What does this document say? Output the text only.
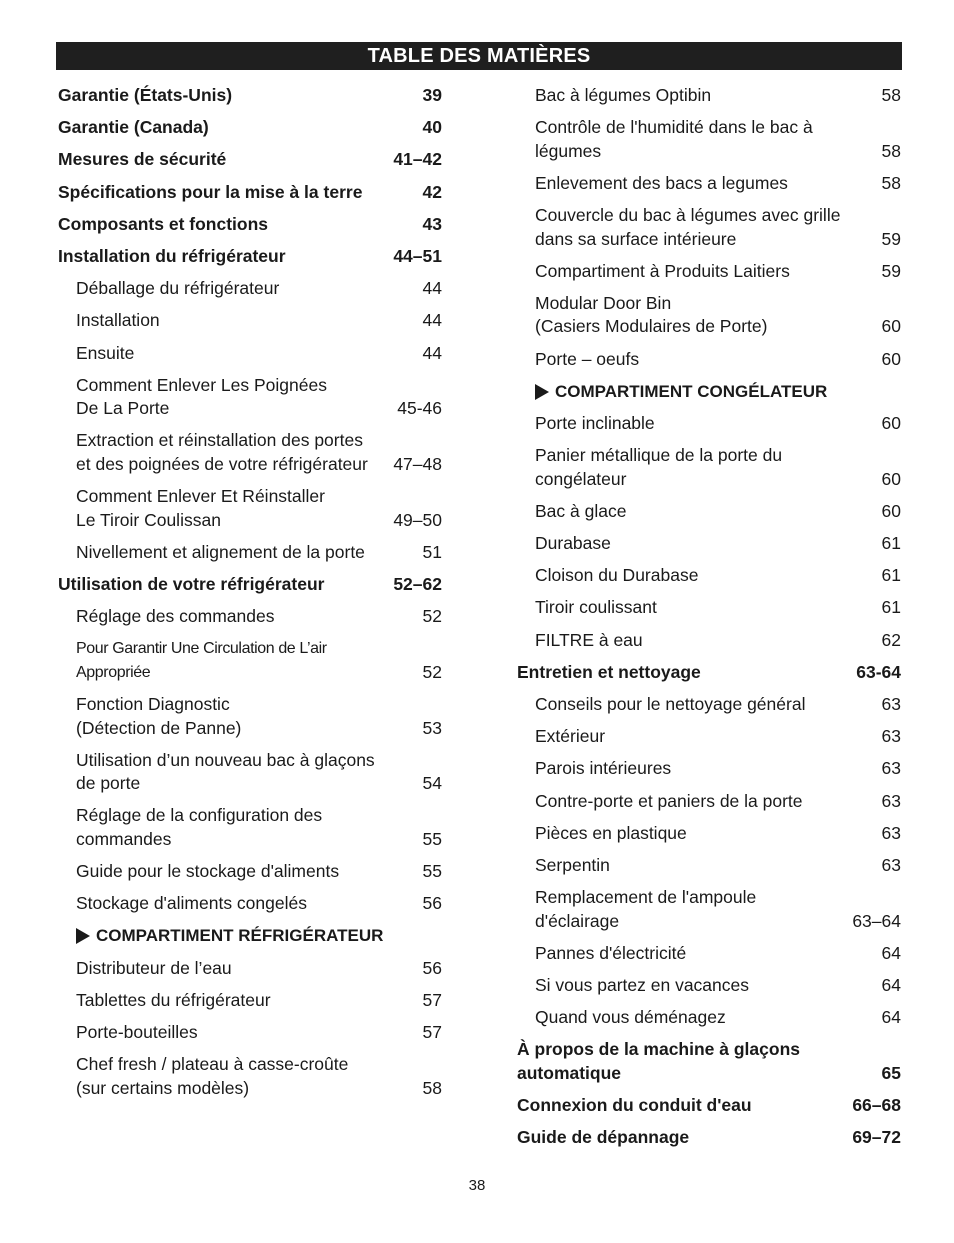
TABLE DES MATIÈRES
Garantie (États-Unis)	39
Garantie (Canada)	40
Mesures de sécurité	41–42
Spécifications pour la mise à la terre	42
Composants et fonctions	43
Installation du réfrigérateur	44–51
Déballage du réfrigérateur	44
Installation	44
Ensuite	44
Comment Enlever Les Poignées
De La Porte	45-46
Extraction et réinstallation des portes et des poignées de votre réfrigérateur	47–48
Comment Enlever Et Réinstaller
Le Tiroir Coulissan	49–50
Nivellement et alignement de la porte	51
Utilisation de votre réfrigérateur	52–62
Réglage des commandes	52
Pour Garantir Une Circulation de L’air
Appropriée	52
Fonction Diagnostic
(Détection de Panne)	53
Utilisation d’un nouveau bac à glaçons
de porte	54
Réglage de la configuration des
commandes	55
Guide pour le stockage d'aliments	55
Stockage d'aliments congelés	56
COMPARTIMENT RÉFRIGÉRATEUR
Distributeur de l’eau	56
Tablettes du réfrigérateur	57
Porte-bouteilles	57
Chef fresh / plateau à casse-croûte
(sur certains modèles)	58
Bac à légumes Optibin	58
Contrôle de l'humidité dans le bac à
légumes	58
Enlevement des bacs a legumes	58
Couvercle du bac à légumes avec grille
dans sa surface intérieure	59
Compartiment à Produits Laitiers	59
Modular Door Bin
(Casiers Modulaires de Porte)	60
Porte – oeufs	60
COMPARTIMENT CONGÉLATEUR
Porte inclinable	60
Panier métallique de la porte du
congélateur	60
Bac à glace	60
Durabase	61
Cloison du Durabase	61
Tiroir coulissant	61
FILTRE à eau	62
Entretien et nettoyage	63-64
Conseils pour le nettoyage général	63
Extérieur	63
Parois intérieures	63
Contre-porte et paniers de la porte	63
Pièces en plastique	63
Serpentin	63
Remplacement de l'ampoule
d'éclairage	63–64
Pannes d'électricité	64
Si vous partez en vacances	64
Quand vous déménagez	64
À propos de la machine à glaçons
automatique	65
Connexion du conduit d'eau	66–68
Guide de dépannage	69–72
38
